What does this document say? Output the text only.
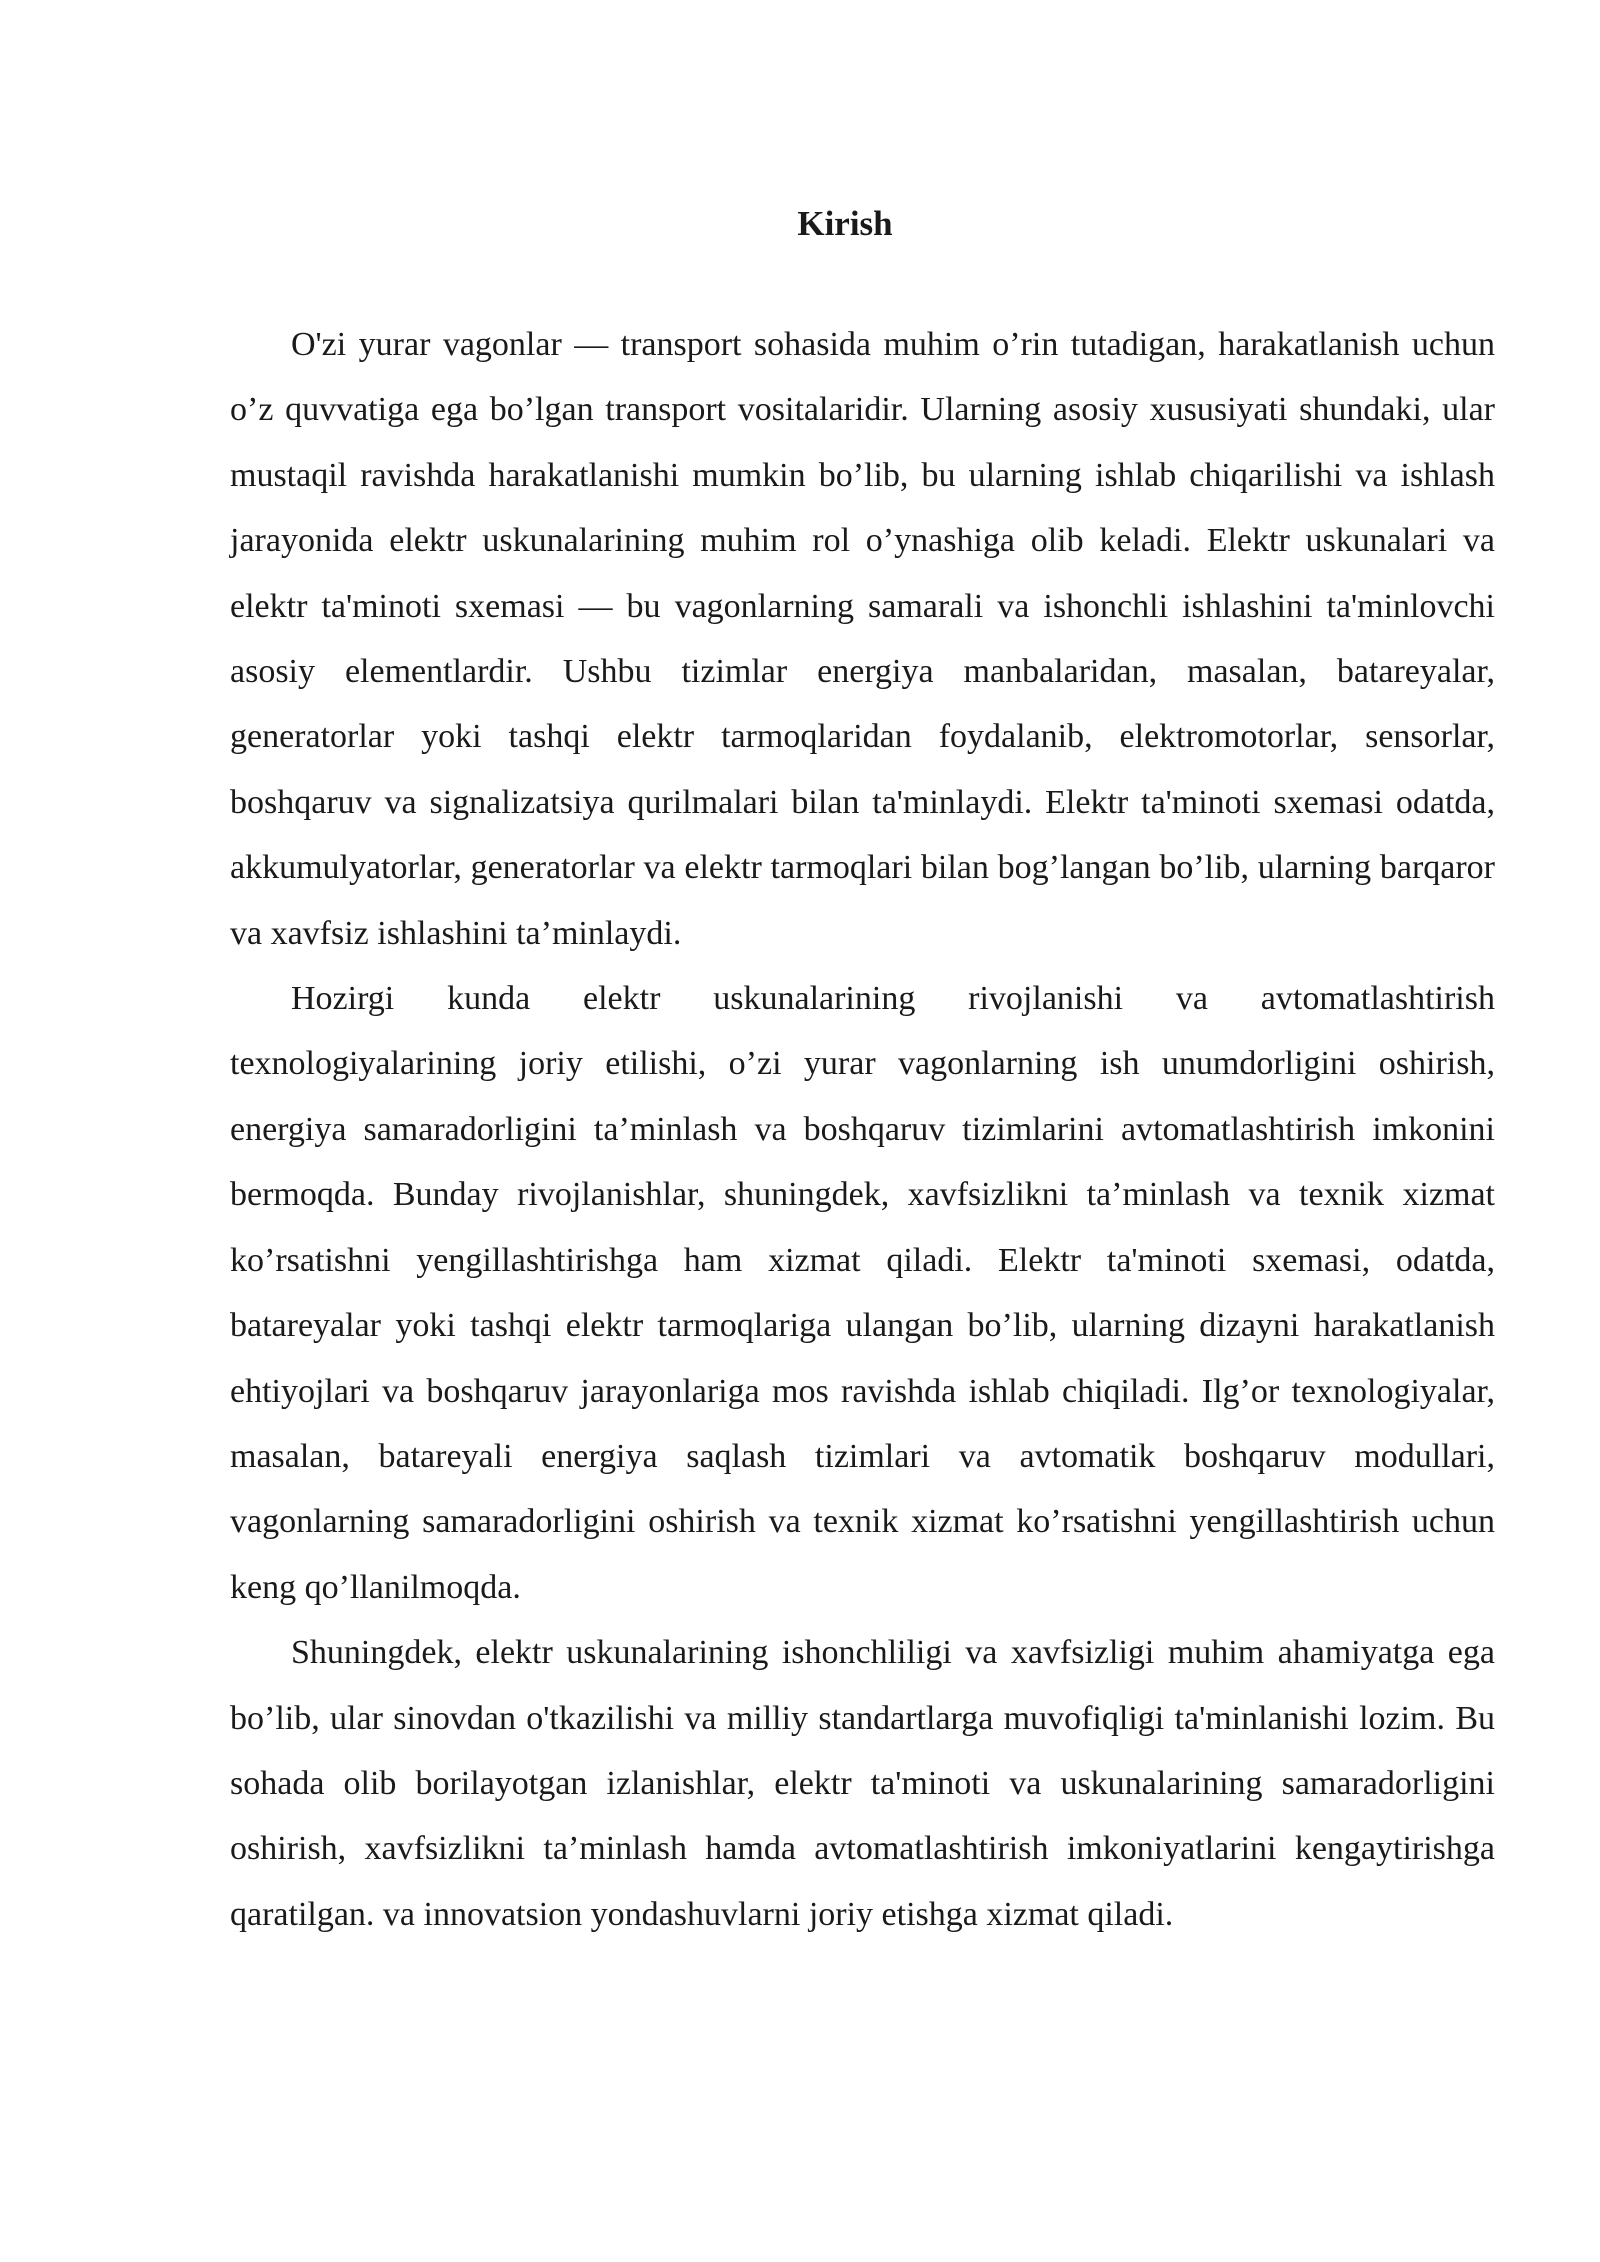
Kirish

O'zi yurar vagonlar — transport sohasida muhim o’rin tutadigan, harakatlanish uchun o’z quvvatiga ega bo’lgan transport vositalaridir. Ularning asosiy xususiyati shundaki, ular mustaqil ravishda harakatlanishi mumkin bo’lib, bu ularning ishlab chiqarilishi va ishlash jarayonida elektr uskunalarining muhim rol o’ynashiga olib keladi. Elektr uskunalari va elektr ta'minoti sxemasi — bu vagonlarning samarali va ishonchli ishlashini ta'minlovchi asosiy elementlardir. Ushbu tizimlar energiya manbalaridan, masalan, batareyalar, generatorlar yoki tashqi elektr tarmoqlaridan foydalanib, elektromotorlar, sensorlar, boshqaruv va signalizatsiya qurilmalari bilan ta'minlaydi. Elektr ta'minoti sxemasi odatda, akkumulyatorlar, generatorlar va elektr tarmoqlari bilan bog’langan bo’lib, ularning barqaror va xavfsiz ishlashini ta’minlaydi.

Hozirgi kunda elektr uskunalarining rivojlanishi va avtomatlashtirish texnologiyalarining joriy etilishi, o’zi yurar vagonlarning ish unumdorligini oshirish, energiya samaradorligini ta’minlash va boshqaruv tizimlarini avtomatlashtirish imkonini bermoqda. Bunday rivojlanishlar, shuningdek, xavfsizlikni ta’minlash va texnik xizmat ko’rsatishni yengillashtirishga ham xizmat qiladi. Elektr ta'minoti sxemasi, odatda, batareyalar yoki tashqi elektr tarmoqlariga ulangan bo’lib, ularning dizayni harakatlanish ehtiyojlari va boshqaruv jarayonlariga mos ravishda ishlab chiqiladi. Ilg’or texnologiyalar, masalan, batareyali energiya saqlash tizimlari va avtomatik boshqaruv modullari, vagonlarning samaradorligini oshirish va texnik xizmat ko’rsatishni yengillashtirish uchun keng qo’llanilmoqda.

Shuningdek, elektr uskunalarining ishonchliligi va xavfsizligi muhim ahamiyatga ega bo’lib, ular sinovdan o'tkazilishi va milliy standartlarga muvofiqligi ta'minlanishi lozim. Bu sohada olib borilayotgan izlanishlar, elektr ta'minoti va uskunalarining samaradorligini oshirish, xavfsizlikni ta’minlash hamda avtomatlashtirish imkoniyatlarini kengaytirishga qaratilgan. va innovatsion yondashuvlarni joriy etishga xizmat qiladi.
